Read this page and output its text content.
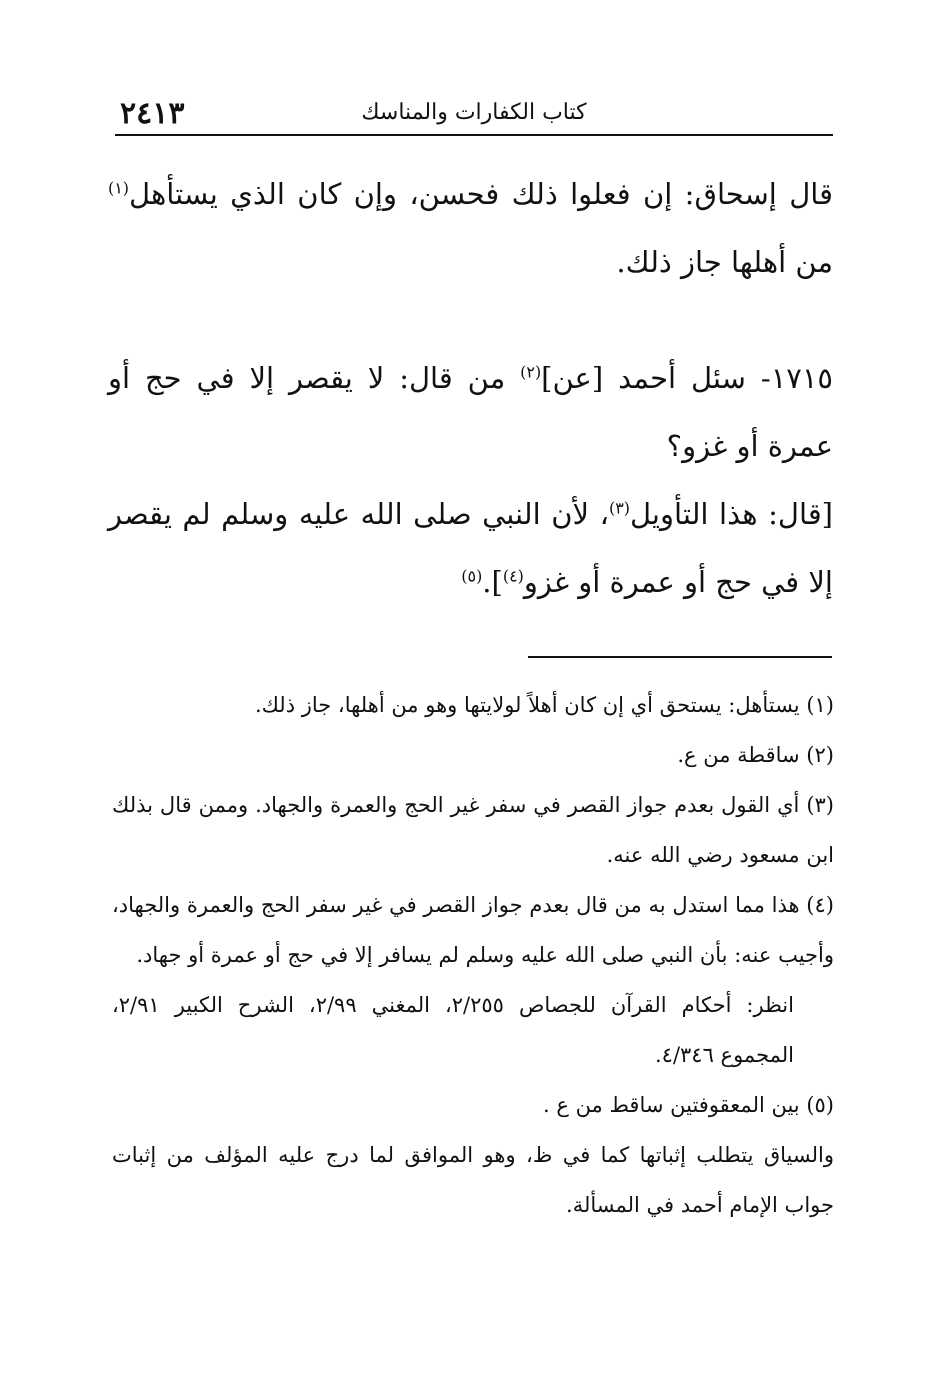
٢٤١٣	كتاب الكفارات والمناسك

قال إسحاق: إن فعلوا ذلك فحسن، وإن كان الذي يستأهل$^{(١)}$ من أهلها جاز ذلك.

١٧١٥- سئل أحمد [عن]$^{(٢)}$ من قال: لا يقصر إلا في حج أو عمرة أو غزو؟

[قال: هذا التأويل$^{(٣)}$، لأن النبي صلى الله عليه وسلم لم يقصر إلا في حج أو عمرة أو غزو$^{(٤)}$].$^{(٥)}$

(١) يستأهل: يستحق أي إن كان أهلاً لولايتها وهو من أهلها، جاز ذلك.

(٢) ساقطة من ع.

(٣) أي القول بعدم جواز القصر في سفر غير الحج والعمرة والجهاد. وممن قال بذلك ابن مسعود رضي الله عنه.

(٤) هذا مما استدل به من قال بعدم جواز القصر في غير سفر الحج والعمرة والجهاد، وأجيب عنه: بأن النبي صلى الله عليه وسلم لم يسافر إلا في حج أو عمرة أو جهاد.

انظر: أحكام القرآن للجصاص ٢/٢٥٥، المغني ٢/٩٩، الشرح الكبير ٢/٩١، المجموع ٤/٣٤٦.

(٥) بين المعقوفتين ساقط من ع .

والسياق يتطلب إثباتها كما في ظ، وهو الموافق لما درج عليه المؤلف من إثبات جواب الإمام أحمد في المسألة.
